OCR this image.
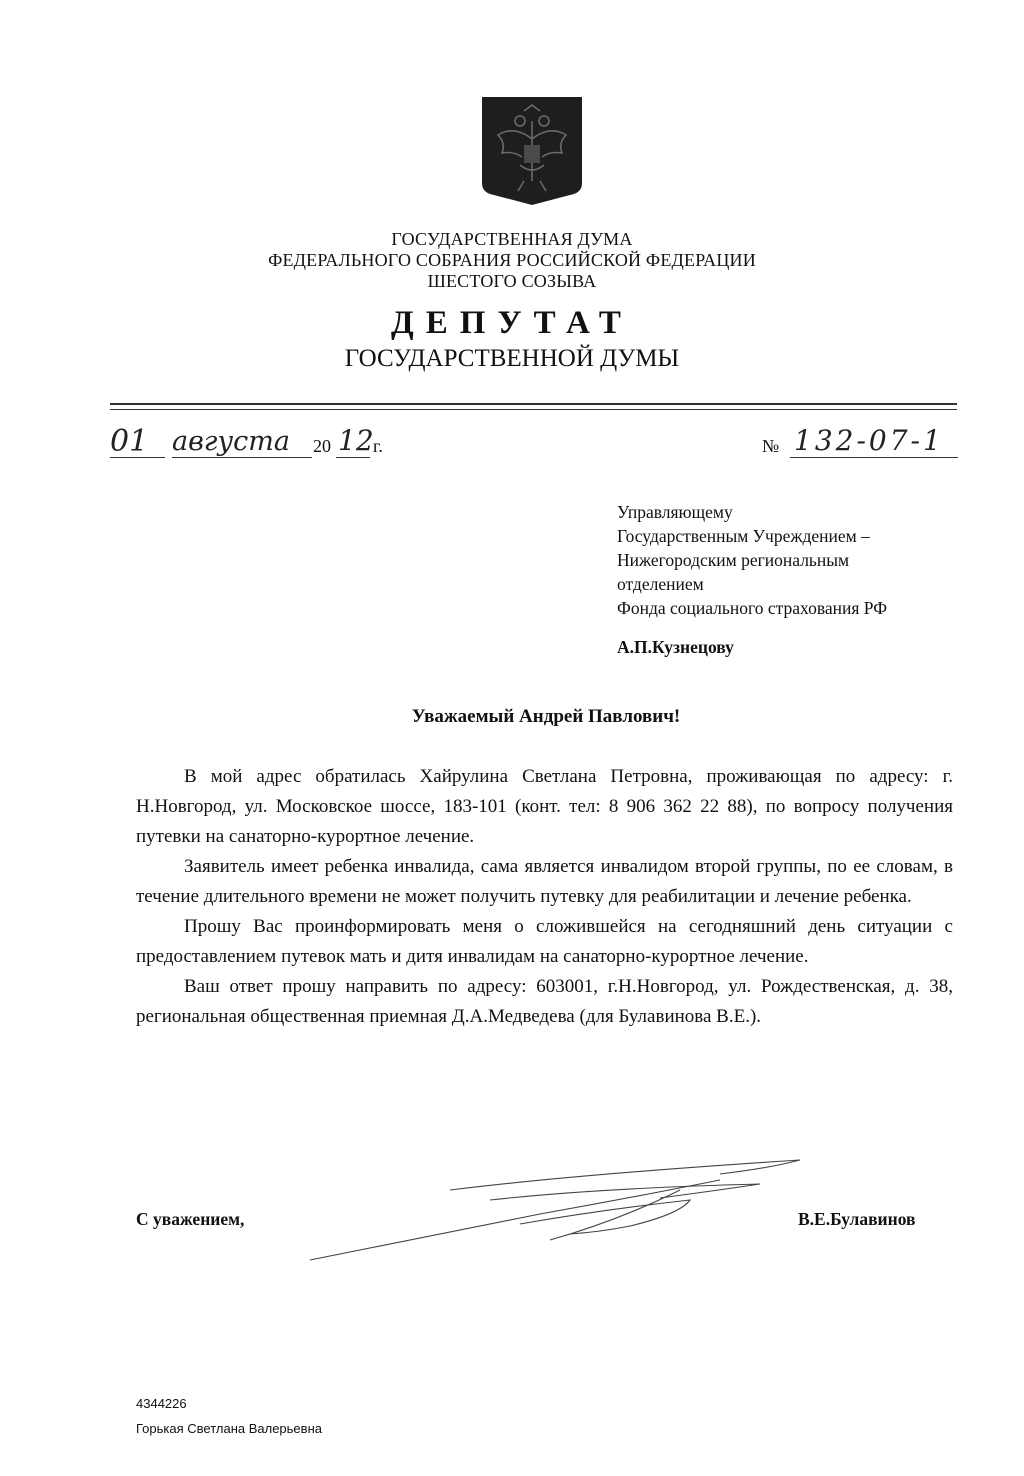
ГОСУДАРСТВЕННАЯ ДУМА
ФЕДЕРАЛЬНОГО СОБРАНИЯ РОССИЙСКОЙ ФЕДЕРАЦИИ
ШЕСТОГО СОЗЫВА
ДЕПУТАТ
ГОСУДАРСТВЕННОЙ ДУМЫ
01 августа 20 12 г.	№ 132-07-1
Управляющему
Государственным Учреждением –
Нижегородским региональным
отделением
Фонда социального страхования РФ
А.П.Кузнецову
Уважаемый Андрей Павлович!

В мой адрес обратилась Хайрулина Светлана Петровна, проживающая по адресу: г. Н.Новгород, ул. Московское шоссе, 183-101 (конт. тел: 8 906 362 22 88), по вопросу получения путевки на санаторно-курортное лечение.

Заявитель имеет ребенка инвалида, сама является инвалидом второй группы, по ее словам, в течение длительного времени не может получить путевку для реабилитации и лечение ребенка.

Прошу Вас проинформировать меня о сложившейся на сегодняшний день ситуации с предоставлением путевок мать и дитя инвалидам на санаторно-курортное лечение.

Ваш ответ прошу направить по адресу: 603001, г.Н.Новгород, ул. Рождественская, д. 38, региональная общественная приемная Д.А.Медведева (для Булавинова В.Е.).

С уважением,	В.Е.Булавинов
4344226
Горькая Светлана Валерьевна
